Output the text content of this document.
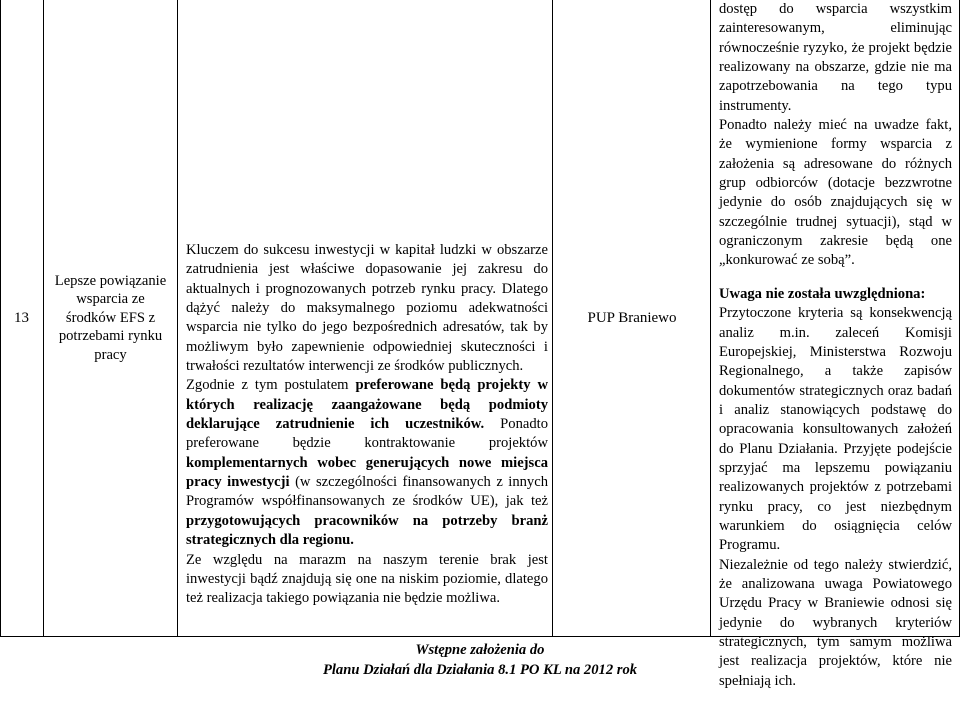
13
Lepsze powiązanie wsparcia ze środków EFS z potrzebami rynku pracy

Kluczem do sukcesu inwestycji w kapitał ludzki w obszarze zatrudnienia jest właściwe dopasowanie jej zakresu do aktualnych i prognozowanych potrzeb rynku pracy. Dlatego dążyć należy do maksymalnego poziomu adekwatności wsparcia nie tylko do jego bezpośrednich adresatów, tak by możliwym było zapewnienie odpowiedniej skuteczności i trwałości rezultatów interwencji ze środków publicznych.

Zgodnie z tym postulatem preferowane będą projekty w których realizację zaangażowane będą podmioty deklarujące zatrudnienie ich uczestników. Ponadto preferowane będzie kontraktowanie projektów komplementarnych wobec generujących nowe miejsca pracy inwestycji (w szczególności finansowanych z innych Programów współfinansowanych ze środków UE), jak też przygotowujących pracowników na potrzeby branż strategicznych dla regionu.

Ze względu na marazm na naszym terenie brak jest inwestycji bądź znajdują się one na niskim poziomie, dlatego też realizacja takiego powiązania nie będzie możliwa.

PUP Braniewo

dostęp do wsparcia wszystkim zainteresowanym, eliminując równocześnie ryzyko, że projekt będzie realizowany na obszarze, gdzie nie ma zapotrzebowania na tego typu instrumenty.

Ponadto należy mieć na uwadze fakt, że wymienione formy wsparcia z założenia są adresowane do różnych grup odbiorców (dotacje bezzwrotne jedynie do osób znajdujących się w szczególnie trudnej sytuacji), stąd w ograniczonym zakresie będą one „konkurować ze sobą”.

Uwaga nie została uwzględniona:

Przytoczone kryteria są konsekwencją analiz m.in. zaleceń Komisji Europejskiej, Ministerstwa Rozwoju Regionalnego, a także zapisów dokumentów strategicznych oraz badań i analiz stanowiących podstawę do opracowania konsultowanych założeń do Planu Działania. Przyjęte podejście sprzyjać ma lepszemu powiązaniu realizowanych projektów z potrzebami rynku pracy, co jest niezbędnym warunkiem do osiągnięcia celów Programu.

Niezależnie od tego należy stwierdzić, że analizowana uwaga Powiatowego Urzędu Pracy w Braniewie odnosi się jedynie do wybranych kryteriów strategicznych, tym samym możliwa jest realizacja projektów, które nie spełniają ich.

Wstępne założenia do
Planu Działań dla Działania 8.1 PO KL na 2012 rok
